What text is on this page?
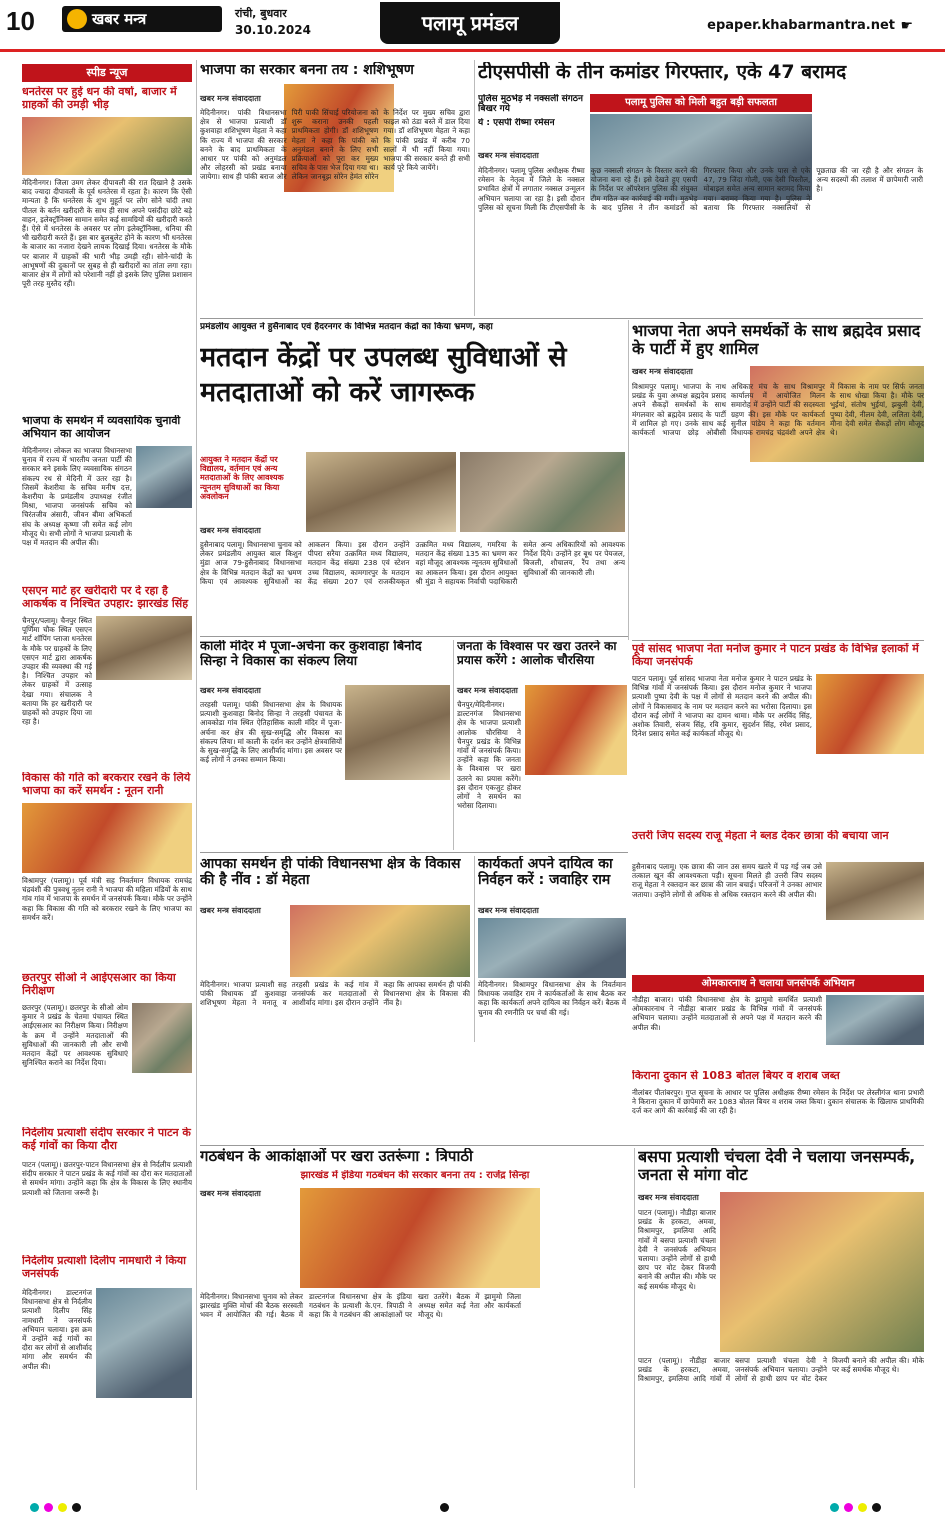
10	खबर मन्त्र	रांची, बुधवार
30.10.2024	पलामू प्रमंडल	epaper.khabarmantra.net ☛
स्पीड न्यूज
धनतेरस पर हुई धन की वर्षा, बाजार में ग्राहकों की उमड़ी भीड़
मेदिनीनगर। जिला उमग लेकर दीपावली की रात दिखाने है उसके बाद ज्यादा दीपावली के पूर्व धनतेरस में रहता है। कारण कि ऐसी मान्यता है कि धनतेरस के शुभ मुहूर्त पर लोग सोने चांदी तथा पीतल के बर्तन खरीदारी के साथ ही साथ अपने पसंदीदा छोटे बड़े वाहन, इलेक्ट्रॉनिक्स सामान समेत कई सामग्रियों की खरीदारी करते हैं। ऐसे में धनतेरस के अवसर पर लोग इलेक्ट्रॉनिक्स, धनिया की भी खरीदारी करते हैं। इस बार बुलबुलेट होने के कारण भी धनतेरस के बाजार का नजारा देखने लायक दिखाई दिया। धनतेरस के मौके पर बाजार में ग्राहकों की भारी भीड़ उमड़ी रही। सोने-चांदी के आभूषणों की दुकानों पर सुबह से ही खरीदारों का तांता लगा रहा। बाजार क्षेत्र में लोगों को परेशानी नहीं हो इसके लिए पुलिस प्रशासन पूरी तरह मुस्तैद रही।
भाजपा के समर्थन में व्यवसायिक चुनावी अभियान का आयोजन
मेदिनीनगर। लोकल का भाजपा विधानसभा चुनाव में राज्य में भारतीय जनता पार्टी की सरकार बने इसके लिए व्यवसायिक संगठन संकल्प रथ से मेदिनी में उतर रहा है। जिसमें केशरीया के सचिव मनीष दत्त, केशरीया के प्रमंडलीय उपाध्यक्ष रंजीत मिश्रा, भाजपा जनसंपर्क सचिव को चिरंतजीव अंसारी, जीवन बीमा अभिकर्ता संघ के अध्यक्ष कृष्णा जी समेत कई लोग मौजूद थे। सभी लोगों ने भाजपा प्रत्याशी के पक्ष में मतदान की अपील की।
एसएन मार्ट हर खरीदारी पर दे रहा है आकर्षक व निश्चित उपहार: झारखंड सिंह
चैनपुर/पलामू। चैनपुर स्थित पूर्णिमा चौक स्थित एसएन मार्ट शॉपिंग प्लाजा धनतेरस के मौके पर ग्राहकों के लिए एसएन मार्ट द्वारा आकर्षक उपहार की व्यवस्था की गई है। निश्चित उपहार को लेकर ग्राहकों में उत्साह देखा गया। संचालक ने बताया कि हर खरीदारी पर ग्राहकों को उपहार दिया जा रहा है।
विकास की गति को बरकरार रखने के लिये भाजपा का करें समर्थन : नूतन रानी
विश्रामपुर (पलामू)। पूर्व मंत्री सह निवर्तमान विधायक रामचंद्र चंद्रवंशी की पुत्रवधू नूतन रानी ने भाजपा की महिला मंडियों के साथ गांव गांव में भाजपा के समर्थन में जनसंपर्क किया। मौके पर उन्होंने कहा कि विकास की गति को बरकरार रखने के लिए भाजपा का समर्थन करें।
छतरपुर सीओ ने आईएसआर का किया निरीक्षण
छतरपुर (पलामू)। छतरपुर के सीओ ओम कुमार ने प्रखंड के चेतमा पंचायत स्थित आईएसआर का निरीक्षण किया। निरीक्षण के क्रम में उन्होंने मतदाताओं की सुविधाओं की जानकारी ली और सभी मतदान केंद्रों पर आवश्यक सुविधाएं सुनिश्चित कराने का निर्देश दिया।
निर्दलीय प्रत्याशी संदीप सरकार ने पाटन के कई गांवों का किया दौरा
पाटन (पलामू)। छतरपुर-पाटन विधानसभा क्षेत्र से निर्दलीय प्रत्याशी संदीप सरकार ने पाटन प्रखंड के कई गांवों का दौरा कर मतदाताओं से समर्थन मांगा। उन्होंने कहा कि क्षेत्र के विकास के लिए स्थानीय प्रत्याशी को जिताना जरूरी है।
निर्दलीय प्रत्याशी दिलीप नामधारी ने किया जनसंपर्क
मेदिनीनगर। डाल्टनगंज विधानसभा क्षेत्र से निर्दलीय प्रत्याशी दिलीप सिंह नामधारी ने जनसंपर्क अभियान चलाया। इस क्रम में उन्होंने कई गांवों का दौरा कर लोगों से आशीर्वाद मांगा और समर्थन की अपील की।
भाजपा का सरकार बनना तय : शशिभूषण
खबर मन्त्र संवाददाता
मेदिनीनगर। पांकी विधानसभा क्षेत्र से भाजपा प्रत्याशी डॉ कुशवाहा शशिभूषण मेहता ने कहा कि राज्य में भाजपा की सरकार बनने के बाद प्राथमिकता के आधार पर पांकी को अनुमंडल और लोहरसी को प्रखंड बनाया जायेगा। साथ ही पांकी बराज और पिरी पाकी सिंचाई परियोजना को शुरू कराना उनकी पहली प्राथमिकता होगी। डॉ शशिभूषण मेहता ने कहा कि पांकी को अनुमंडल बनाने के लिए सभी प्रक्रियाओं को पूरा कर मुख्य सचिव के पास भेज दिया गया था। लेकिन जानबूझ सोरेन हेमंत सोरेन के निर्देश पर मुख्य सचिव द्वारा फाइल को ठंडा बस्ते में डाल दिया गया। डॉ शशिभूषण मेहता ने कहा कि पांकी प्रखंड में करीब 70 सालों में भी नहीं किया गया। भाजपा की सरकार बनते ही सभी कार्य पूरे किये जायेंगे।
टीएसपीसी के तीन कमांडर गिरफ्तार, एके 47 बरामद
पुलिस मुठभेड़ में नक्सली संगठन बिखर गये
ये : एसपी रीष्मा रमेसन
पलामू पुलिस को मिली बहुत बड़ी सफलता
खबर मन्त्र संवाददाता
मेदिनीनगर। पलामू पुलिस अधीक्षक रीष्मा रमेसन के नेतृत्व में जिले के नक्सल प्रभावित क्षेत्रों में लगातार नक्सल उन्मूलन अभियान चलाया जा रहा है। इसी दौरान पुलिस को सूचना मिली कि टीएसपीसी के कुछ नक्सली संगठन के विस्तार करने की योजना बना रहे हैं। इसे देखते हुए एसपी के निर्देश पर ऑपरेशन पुलिस की संयुक्त टीम गठित कर कार्रवाई की गयी। मुठभेड़ के बाद पुलिस ने तीन कमांडरों को गिरफ्तार किया और उनके पास से एके 47, 79 जिंदा गोली, एक देसी पिस्तौल, मोबाइल समेत अन्य सामान बरामद किया गया। बरामद किया गया है। पुलिस ने बताया कि गिरफ्तार नक्सलियों से पूछताछ की जा रही है और संगठन के अन्य सदस्यों की तलाश में छापेमारी जारी है।
प्रमंडलीय आयुक्त ने हुसैनाबाद एवं हैदरनगर के विभिन्न मतदान केंद्रों का किया भ्रमण, कहा
मतदान केंद्रों पर उपलब्ध सुविधाओं से मतदाताओं को करें जागरूक
आयुक्त ने मतदान केंद्रों पर विद्यालय, वर्तमान एवं अन्य मतदाताओं के लिए आवश्यक न्यूनतम सुविधाओं का किया अवलोकन
खबर मन्त्र संवाददाता
हुसैनाबाद पलामू। विधानसभा चुनाव को लेकर प्रमंडलीय आयुक्त बाल किशुन मुंडा आज 79-हुसैनाबाद विधानसभा क्षेत्र के विभिन्न मतदान केंद्रों का भ्रमण किया एवं आवश्यक सुविधाओं का आकलन किया। इस दौरान उन्होंने पीपरा सरैया उत्क्रमित मध्य विद्यालय, मतदान केंद्र संख्या 238 एवं स्टेशन उच्च विद्यालय, कामगारपुर के मतदान केंद्र संख्या 207 एवं राजकीयकृत उत्क्रमित मध्य विद्यालय, गमरिया के मतदान केंद्र संख्या 135 का भ्रमण कर वहां मौजूद आवश्यक न्यूनतम सुविधाओं का आकलन किया। इस दौरान आयुक्त श्री मुंडा ने सहायक निर्वाची पदाधिकारी समेत अन्य अधिकारियों को आवश्यक निर्देश दिये। उन्होंने हर बूथ पर पेयजल, बिजली, शौचालय, रैंप तथा अन्य सुविधाओं की जानकारी ली।
भाजपा नेता अपने समर्थकों के साथ ब्रह्मदेव प्रसाद के पार्टी में हुए शामिल
खबर मन्त्र संवाददाता
विश्रामपुर पलामू। भाजपा के नाथ प्रखंड के युवा अध्यक्ष ब्रह्मदेव प्रसाद अपने सैकड़ों समर्थकों के साथ मंगलवार को ब्रह्मदेव प्रसाद के पार्टी में शामिल हो गए। उनके साथ कई कार्यकर्ता भाजपा छोड़ ओबीसी अधिकार मंच के साथ विश्रामपुर कार्यालय में आयोजित मिलन समारोह में उन्होंने पार्टी की सदस्यता ग्रहण की। इस मौके पर कार्यकर्ता सुनील पांडेय ने कहा कि वर्तमान विधायक रामचंद्र चंद्रवंशी अपने क्षेत्र में विकास के नाम पर सिर्फ जनता के साथ धोखा किया है। मौके पर भुईयां, संतोष भुईयां, झबुली देवी, पुष्पा देवी, नीलम देवी, ललिता देवी, मीना देवी समेत सैकड़ों लोग मौजूद थे।
पूर्व सांसद भाजपा नेता मनोज कुमार ने पाटन प्रखंड के विभिन्न इलाकों में किया जनसंपर्क
पाटन पलामू। पूर्व सांसद भाजपा नेता मनोज कुमार ने पाटन प्रखंड के विभिन्न गांवों में जनसंपर्क किया। इस दौरान मनोज कुमार ने भाजपा प्रत्याशी पुष्पा देवी के पक्ष में लोगों से मतदान करने की अपील की। लोगों ने विकासवाद के नाम पर मतदान करने का भरोसा दिलाया। इस दौरान कई लोगों ने भाजपा का दामन थामा। मौके पर अरविंद सिंह, अशोक तिवारी, संजय सिंह, रवि कुमार, सुदर्शन सिंह, रमेश प्रसाद, दिनेश प्रसाद समेत कई कार्यकर्ता मौजूद थे।
उत्तरी जिप सदस्य राजू मेहता ने ब्लड देकर छात्रा की बचाया जान
हुसैनाबाद पलामू। एक छात्रा की जान उस समय खतरे में पड़ गई जब उसे तत्काल खून की आवश्यकता पड़ी। सूचना मिलते ही उत्तरी जिप सदस्य राजू मेहता ने रक्तदान कर छात्रा की जान बचाई। परिजनों ने उनका आभार जताया। उन्होंने लोगों से अधिक से अधिक रक्तदान करने की अपील की।
ओमकारनाथ ने चलाया जनसंपर्क अभियान
नौडीहा बाजार। पांकी विधानसभा क्षेत्र के झामुमो समर्थित प्रत्याशी ओमकारनाथ ने नौडीहा बाजार प्रखंड के विभिन्न गांवों में जनसंपर्क अभियान चलाया। उन्होंने मतदाताओं से अपने पक्ष में मतदान करने की अपील की।
किराना दुकान से 1083 बोतल बियर व शराब जब्त
नीलांबर पीतांबरपुर। गुप्त सूचना के आधार पर पुलिस अधीक्षक रीष्मा रमेसन के निर्देश पर लेस्लीगंज थाना प्रभारी ने किराना दुकान में छापेमारी कर 1083 बोतल बियर व शराब जब्त किया। दुकान संचालक के खिलाफ प्राथमिकी दर्ज कर आगे की कार्रवाई की जा रही है।
काली मंदिर में पूजा-अर्चना कर कुशवाहा बिनोद सिन्हा ने विकास का संकल्प लिया
खबर मन्त्र संवाददाता
तरहसी पलामू। पांकी विधानसभा क्षेत्र के विधायक प्रत्याशी कुशवाहा बिनोद सिन्हा ने तरहसी पंचायत के आवकोडा गांव स्थित ऐतिहासिक काली मंदिर में पूजा-अर्चना कर क्षेत्र की सुख-समृद्धि और विकास का संकल्प लिया। मां काली के दर्शन कर उन्होंने क्षेत्रवासियों के सुख-समृद्धि के लिए आशीर्वाद मांगा। इस अवसर पर कई लोगों ने उनका सम्मान किया।
जनता के विश्वास पर खरा उतरने का प्रयास करेंगे : आलोक चौरसिया
खबर मन्त्र संवाददाता
चैनपुर/मेदिनीनगर। डाल्टनगंज विधानसभा क्षेत्र के भाजपा प्रत्याशी आलोक चौरसिया ने चैनपुर प्रखंड के विभिन्न गांवों में जनसंपर्क किया। उन्होंने कहा कि जनता के विश्वास पर खरा उतरने का प्रयास करेंगे। इस दौरान एकजुट होकर लोगों ने समर्थन का भरोसा दिलाया।
आपका समर्थन ही पांकी विधानसभा क्षेत्र के विकास की है नींव : डॉ मेहता
खबर मन्त्र संवाददाता
मेदिनीनगर। भाजपा प्रत्याशी सह पांकी विधायक डॉ कुशवाहा शशिभूषण मेहता ने मनातू व तरहसी प्रखंड के कई गांव में जनसंपर्क कर मतदाताओं से आशीर्वाद मांगा। इस दौरान उन्होंने कहा कि आपका समर्थन ही पांकी विधानसभा क्षेत्र के विकास की नींव है।
कार्यकर्ता अपने दायित्व का निर्वहन करें : जवाहिर राम
खबर मन्त्र संवाददाता
मेदिनीनगर। विश्रामपुर विधानसभा क्षेत्र के निवर्तमान विधायक जवाहिर राम ने कार्यकर्ताओं के साथ बैठक कर कहा कि कार्यकर्ता अपने दायित्व का निर्वहन करें। बैठक में चुनाव की रणनीति पर चर्चा की गई।
गठबंधन के आकांक्षाओं पर खरा उतरूंगा : त्रिपाठी
झारखंड में इंडिया गठबंधन की सरकार बनना तय : राजेंद्र सिन्हा
खबर मन्त्र संवाददाता
मेदिनीनगर। विधानसभा चुनाव को लेकर झारखंड मुक्ति मोर्चा की बैठक सरस्वती भवन में आयोजित की गई। बैठक में डाल्टनगंज विधानसभा क्षेत्र के इंडिया गठबंधन के प्रत्याशी के.एन. त्रिपाठी ने कहा कि वे गठबंधन की आकांक्षाओं पर खरा उतरेंगे। बैठक में झामुमो जिला अध्यक्ष समेत कई नेता और कार्यकर्ता मौजूद थे।
बसपा प्रत्याशी चंचला देवी ने चलाया जनसम्पर्क, जनता से मांगा वोट
खबर मन्त्र संवाददाता
पाटन (पलामू)। नौडीहा बाजार प्रखंड के हरकटा, अमवा, विश्रामपुर, इमलिया आदि गांवों में बसपा प्रत्याशी चंचला देवी ने जनसंपर्क अभियान चलाया। उन्होंने लोगों से हाथी छाप पर वोट देकर विजयी बनाने की अपील की। मौके पर कई समर्थक मौजूद थे।
पाटन (पलामू)। नौडीहा बाजार प्रखंड के हरकटा, अमवा, विश्रामपुर, इमलिया आदि गांवों में बसपा प्रत्याशी चंचला देवी ने जनसंपर्क अभियान चलाया। उन्होंने लोगों से हाथी छाप पर वोट देकर विजयी बनाने की अपील की। मौके पर कई समर्थक मौजूद थे।
